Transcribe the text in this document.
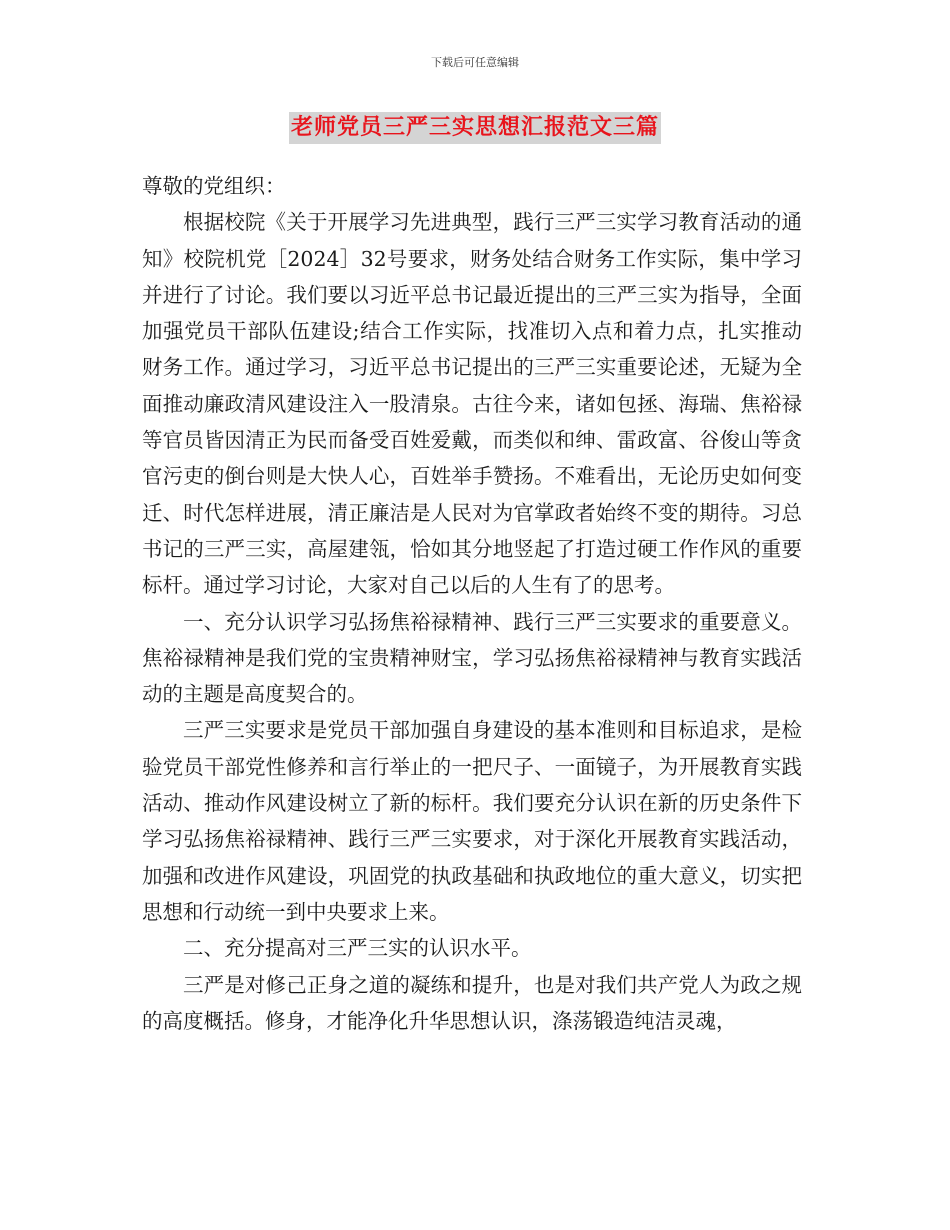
下载后可任意编辑
老师党员三严三实思想汇报范文三篇

尊敬的党组织：

根据校院《关于开展学习先进典型，践行三严三实学习教育活动的通知》校院机党［2024］32号要求，财务处结合财务工作实际，集中学习并进行了讨论。我们要以习近平总书记最近提出的三严三实为指导，全面加强党员干部队伍建设;结合工作实际，找准切入点和着力点，扎实推动财务工作。通过学习，习近平总书记提出的三严三实重要论述，无疑为全面推动廉政清风建设注入一股清泉。古往今来，诸如包拯、海瑞、焦裕禄等官员皆因清正为民而备受百姓爱戴，而类似和绅、雷政富、谷俊山等贪官污吏的倒台则是大快人心，百姓举手赞扬。不难看出，无论历史如何变迁、时代怎样进展，清正廉洁是人民对为官掌政者始终不变的期待。习总书记的三严三实，高屋建瓴，恰如其分地竖起了打造过硬工作作风的重要标杆。通过学习讨论，大家对自己以后的人生有了的思考。

一、充分认识学习弘扬焦裕禄精神、践行三严三实要求的重要意义。焦裕禄精神是我们党的宝贵精神财宝，学习弘扬焦裕禄精神与教育实践活动的主题是高度契合的。

三严三实要求是党员干部加强自身建设的基本准则和目标追求，是检验党员干部党性修养和言行举止的一把尺子、一面镜子，为开展教育实践活动、推动作风建设树立了新的标杆。我们要充分认识在新的历史条件下学习弘扬焦裕禄精神、践行三严三实要求，对于深化开展教育实践活动，加强和改进作风建设，巩固党的执政基础和执政地位的重大意义，切实把思想和行动统一到中央要求上来。

二、充分提高对三严三实的认识水平。

三严是对修己正身之道的凝练和提升，也是对我们共产党人为政之规的高度概括。修身，才能净化升华思想认识，涤荡锻造纯洁灵魂，
